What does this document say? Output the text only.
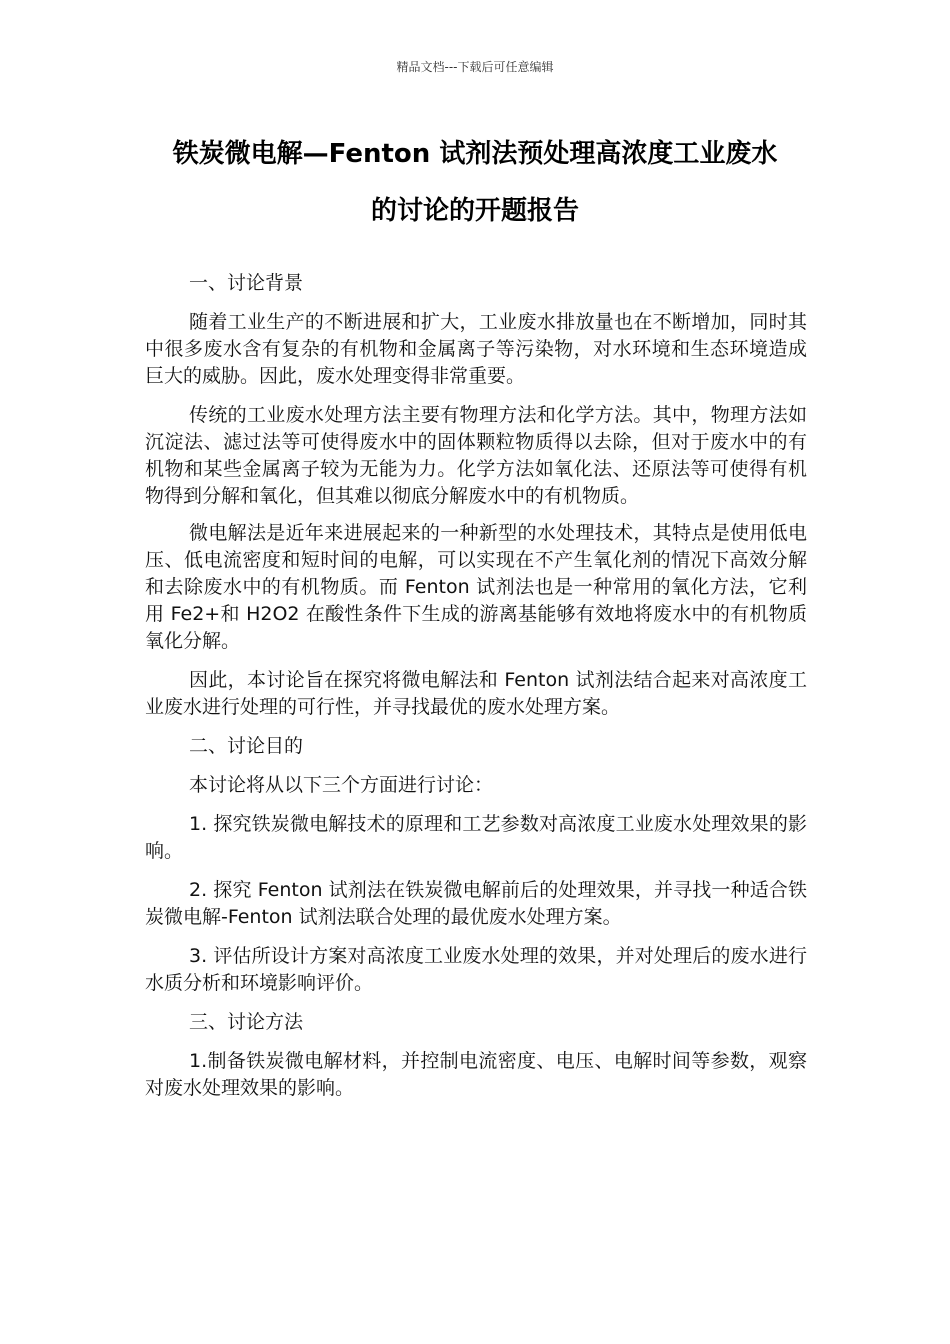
精品文档---下载后可任意编辑
铁炭微电解—Fenton 试剂法预处理高浓度工业废水
的讨论的开题报告

一、讨论背景

随着工业生产的不断进展和扩大，工业废水排放量也在不断增加，同时其中很多废水含有复杂的有机物和金属离子等污染物，对水环境和生态环境造成巨大的威胁。因此，废水处理变得非常重要。

传统的工业废水处理方法主要有物理方法和化学方法。其中，物理方法如沉淀法、滤过法等可使得废水中的固体颗粒物质得以去除，但对于废水中的有机物和某些金属离子较为无能为力。化学方法如氧化法、还原法等可使得有机物得到分解和氧化，但其难以彻底分解废水中的有机物质。

微电解法是近年来进展起来的一种新型的水处理技术，其特点是使用低电压、低电流密度和短时间的电解，可以实现在不产生氧化剂的情况下高效分解和去除废水中的有机物质。而 Fenton 试剂法也是一种常用的氧化方法，它利用 Fe2+和 H2O2 在酸性条件下生成的游离基能够有效地将废水中的有机物质氧化分解。

因此，本讨论旨在探究将微电解法和 Fenton 试剂法结合起来对高浓度工业废水进行处理的可行性，并寻找最优的废水处理方案。

二、讨论目的

本讨论将从以下三个方面进行讨论：

1. 探究铁炭微电解技术的原理和工艺参数对高浓度工业废水处理效果的影响。

2. 探究 Fenton 试剂法在铁炭微电解前后的处理效果，并寻找一种适合铁炭微电解-Fenton 试剂法联合处理的最优废水处理方案。

3. 评估所设计方案对高浓度工业废水处理的效果，并对处理后的废水进行水质分析和环境影响评价。

三、讨论方法

1.制备铁炭微电解材料，并控制电流密度、电压、电解时间等参数，观察对废水处理效果的影响。
